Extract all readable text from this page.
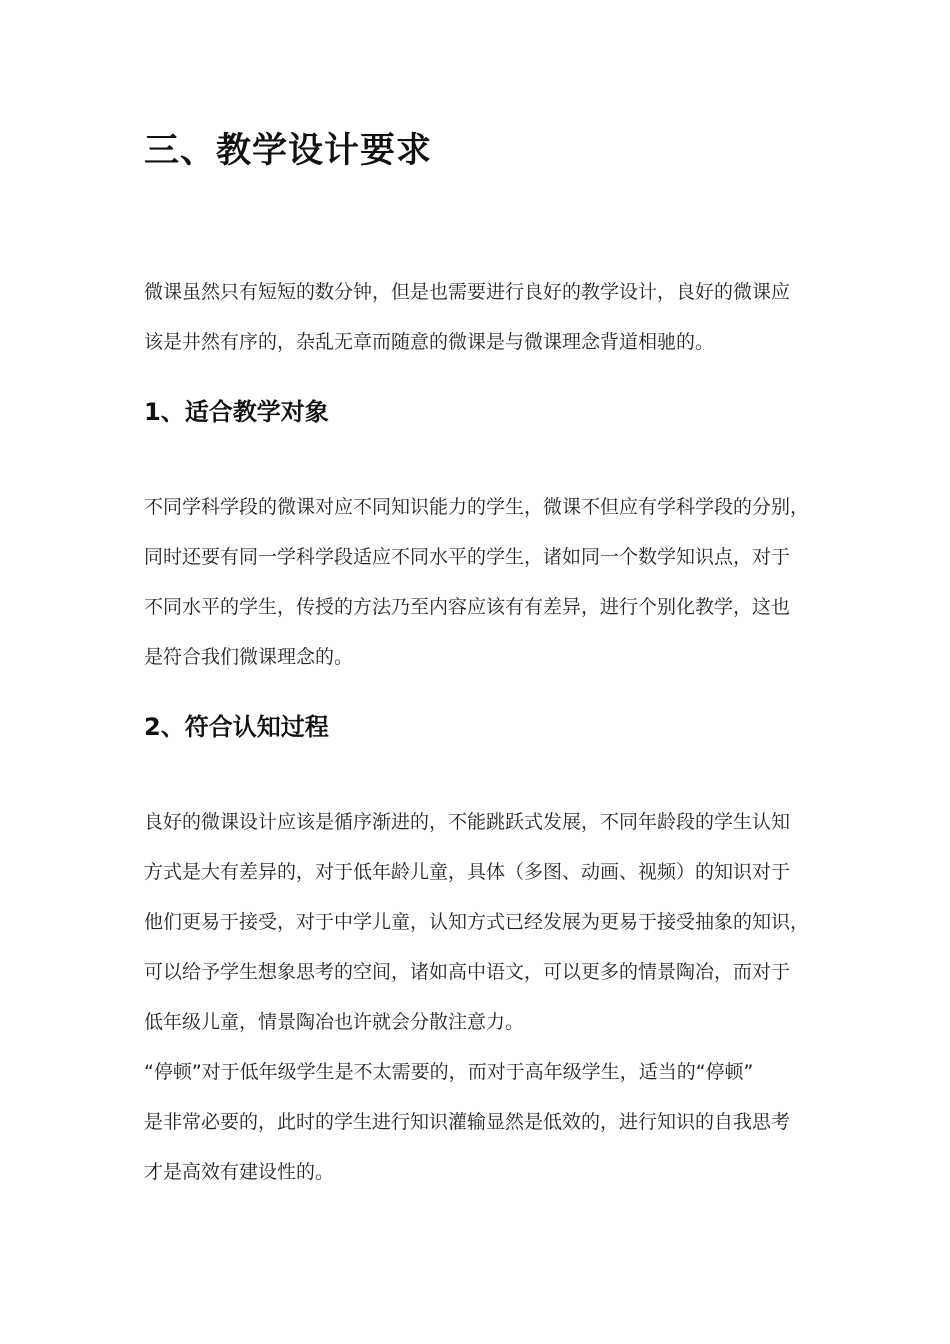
三、教学设计要求
微课虽然只有短短的数分钟，但是也需要进行良好的教学设计，良好的微课应
该是井然有序的，杂乱无章而随意的微课是与微课理念背道相驰的。
1、适合教学对象
不同学科学段的微课对应不同知识能力的学生，微课不但应有学科学段的分别，
同时还要有同一学科学段适应不同水平的学生，诸如同一个数学知识点，对于
不同水平的学生，传授的方法乃至内容应该有有差异，进行个别化教学，这也
是符合我们微课理念的。
2、符合认知过程
良好的微课设计应该是循序渐进的，不能跳跃式发展，不同年龄段的学生认知
方式是大有差异的，对于低年龄儿童，具体（多图、动画、视频）的知识对于
他们更易于接受，对于中学儿童，认知方式已经发展为更易于接受抽象的知识，
可以给予学生想象思考的空间，诸如高中语文，可以更多的情景陶冶，而对于
低年级儿童，情景陶冶也许就会分散注意力。
“停顿”对于低年级学生是不太需要的，而对于高年级学生，适当的“停顿”
是非常必要的，此时的学生进行知识灌输显然是低效的，进行知识的自我思考
才是高效有建设性的。
